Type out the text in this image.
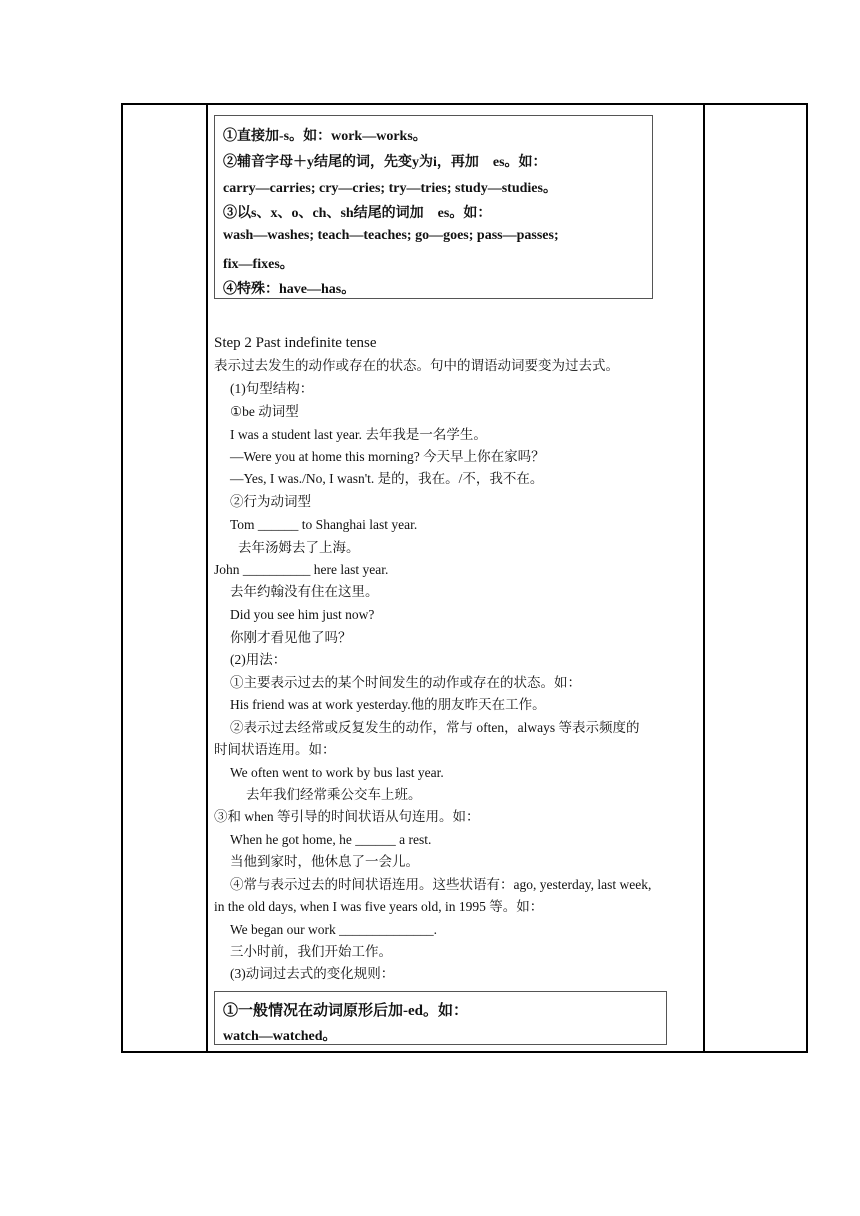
①直接加-s。如：work—works。
②辅音字母＋y结尾的词，先变y为i，再加　es。如：
carry—carries; cry—cries; try—tries; study—studies。
③以s、x、o、ch、sh结尾的词加　es。如：
wash—washes; teach—teaches; go—goes; pass—passes;
fix—fixes。
④特殊：have—has。
Step 2 Past indefinite tense
表示过去发生的动作或存在的状态。句中的谓语动词要变为过去式。
(1)句型结构：
①be 动词型
I was a student last year. 去年我是一名学生。
—Were you at home this morning? 今天早上你在家吗？
—Yes, I was./No, I wasn't. 是的，我在。/不，我不在。
②行为动词型
Tom ______ to Shanghai last year.
去年汤姆去了上海。
John __________ here last year.
去年约翰没有住在这里。
Did you see him just now?
你刚才看见他了吗？
(2)用法：
①主要表示过去的某个时间发生的动作或存在的状态。如：
His friend was at work yesterday.他的朋友昨天在工作。
②表示过去经常或反复发生的动作，常与 often，always 等表示频度的
时间状语连用。如：
We often went to work by bus last year.
去年我们经常乘公交车上班。
③和 when 等引导的时间状语从句连用。如：
When he got home, he ______ a rest.
当他到家时，他休息了一会儿。
④常与表示过去的时间状语连用。这些状语有：ago, yesterday, last week,
in the old days, when I was five years old, in 1995 等。如：
We began our work ______________.
三小时前，我们开始工作。
(3)动词过去式的变化规则：
①一般情况在动词原形后加-ed。如：
watch—watched。
